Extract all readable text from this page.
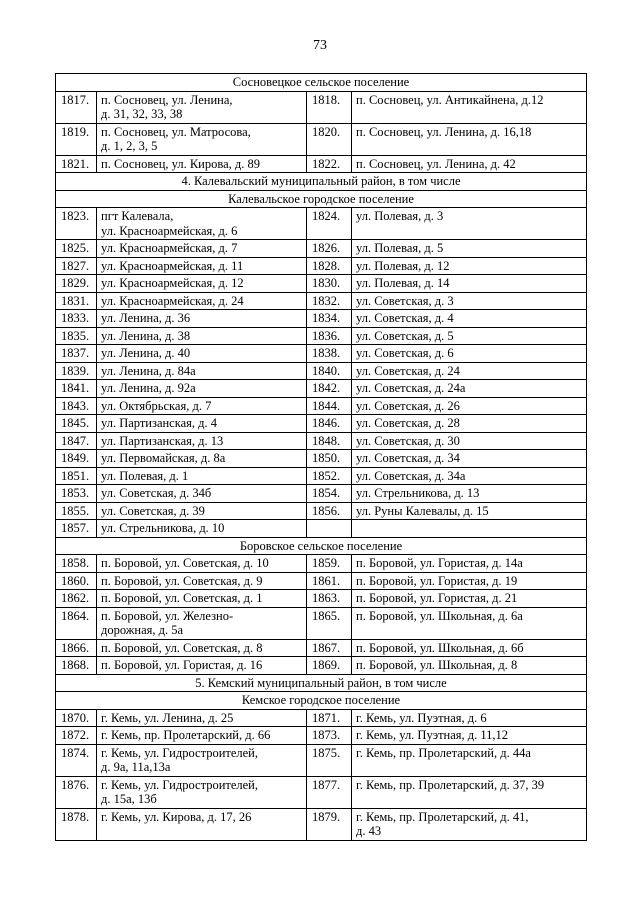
73
Сосновецкое сельское поселение			
1817.	п. Сосновец, ул. Ленина,
д. 31, 32, 33, 38	1818.	п. Сосновец, ул. Антикайнена, д.12
1819.	п. Сосновец, ул. Матросова,
д. 1, 2, 3, 5	1820.	п. Сосновец, ул. Ленина, д. 16,18
1821.	п. Сосновец, ул. Кирова, д. 89	1822.	п. Сосновец, ул. Ленина, д. 42
4. Калевальский муниципальный район, в том числе			
Калевальское городское поселение			
1823.	пгт Калевала,
ул. Красноармейская, д. 6	1824.	ул. Полевая, д. 3
1825.	ул. Красноармейская, д. 7	1826.	ул. Полевая, д. 5
1827.	ул. Красноармейская, д. 11	1828.	ул. Полевая, д. 12
1829.	ул. Красноармейская, д. 12	1830.	ул. Полевая, д. 14
1831.	ул. Красноармейская, д. 24	1832.	ул. Советская, д. 3
1833.	ул. Ленина, д. 36	1834.	ул. Советская, д. 4
1835.	ул. Ленина, д. 38	1836.	ул. Советская, д. 5
1837.	ул. Ленина, д. 40	1838.	ул. Советская, д. 6
1839.	ул. Ленина, д. 84а	1840.	ул. Советская, д. 24
1841.	ул. Ленина, д. 92а	1842.	ул. Советская, д. 24а
1843.	ул. Октябрьская, д. 7	1844.	ул. Советская, д. 26
1845.	ул. Партизанская, д. 4	1846.	ул. Советская, д. 28
1847.	ул. Партизанская, д. 13	1848.	ул. Советская, д. 30
1849.	ул. Первомайская, д. 8а	1850.	ул. Советская, д. 34
1851.	ул. Полевая, д. 1	1852.	ул. Советская, д. 34а
1853.	ул. Советская, д. 34б	1854.	ул. Стрельникова, д. 13
1855.	ул. Советская, д. 39	1856.	ул. Руны Калевалы, д. 15
1857.	ул. Стрельникова, д. 10		
Боровское сельское поселение			
1858.	п. Боровой, ул. Советская, д. 10	1859.	п. Боровой, ул. Гористая, д. 14а
1860.	п. Боровой, ул. Советская, д. 9	1861.	п. Боровой, ул. Гористая, д. 19
1862.	п. Боровой, ул. Советская, д. 1	1863.	п. Боровой, ул. Гористая, д. 21
1864.	п. Боровой, ул. Железно-
дорожная, д. 5а	1865.	п. Боровой, ул. Школьная, д. 6а
1866.	п. Боровой, ул. Советская, д. 8	1867.	п. Боровой, ул. Школьная, д. 6б
1868.	п. Боровой, ул. Гористая, д. 16	1869.	п. Боровой, ул. Школьная, д. 8
5. Кемский муниципальный район, в том числе			
Кемское городское поселение			
1870.	г. Кемь, ул. Ленина, д. 25	1871.	г. Кемь, ул. Пуэтная, д. 6
1872.	г. Кемь, пр. Пролетарский, д. 66	1873.	г. Кемь, ул. Пуэтная, д. 11,12
1874.	г. Кемь, ул. Гидростроителей,
д. 9а, 11а,13а	1875.	г. Кемь, пр. Пролетарский, д. 44а
1876.	г. Кемь, ул. Гидростроителей,
д. 15а, 13б	1877.	г. Кемь, пр. Пролетарский, д. 37, 39
1878.	г. Кемь, ул. Кирова, д. 17, 26	1879.	г. Кемь, пр. Пролетарский, д. 41,
д. 43
